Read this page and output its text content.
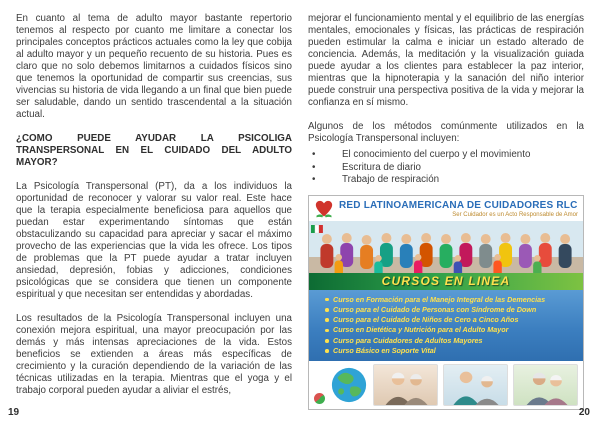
En cuanto al tema de adulto mayor bastante repertorio tenemos al respecto por cuanto me limitare a conectar los principales conceptos prácticos actuales como la ley que cobija al adulto mayor y un pequeño recuento de su historia. Pues es claro que no solo debemos limitarnos a cuidados físicos sino que tenemos la oportunidad de compartir sus creencias, sus vivencias su historia de vida llegando a un final que bien puede ser saludable, dando un sentido trascendental a la situación actual.

¿COMO PUEDE AYUDAR LA PSICOLIGA TRANSPERSONAL EN EL CUIDADO DEL ADULTO MAYOR?

La Psicología Transpersonal (PT), da a los individuos la oportunidad de reconocer y valorar su valor real. Este hace que la terapia especialmente beneficiosa para aquellos que puedan estar experimentando síntomas que están obstaculizando su capacidad para apreciar y sacar el máximo provecho de las experiencias que la vida les ofrece. Los tipos de problemas que la PT puede ayudar a tratar incluyen ansiedad, depresión, fobias y adicciones, condiciones psicológicas que se considera que tienen un componente espiritual y que necesitan ser entendidas y abordadas.

Los resultados de la Psicología Transpersonal incluyen una conexión mejora espiritual, una mayor preocupación por las demás y más intensas apreciaciones de la vida. Estos beneficios se extienden a áreas más específicas de crecimiento y la curación dependiendo de la variación de las técnicas utilizadas en la terapia. Mientras que el yoga y el trabajo corporal pueden ayudar a aliviar el estrés,

mejorar el funcionamiento mental y el equilibrio de las energías mentales, emocionales y físicas, las prácticas de respiración pueden estimular la calma e iniciar un estado alterado de conciencia. Además, la meditación y la visualización guiada puede ayudar a los clientes para establecer la paz interior, mientras que la hipnoterapia y la sanación del niño interior puede construir una perspectiva positiva de la vida y mejorar la confianza en sí mismo.

Algunos de los métodos comúnmente utilizados en la Psicología Transpersonal incluyen:

• El conocimiento del cuerpo y el movimiento
• Escritura de diario
• Trabajo de respiración
RED LATINOAMERICANA DE CUIDADORES RLC
Ser Cuidador es un Acto Responsable de Amor
CURSOS EN LINEA
Curso en Formación para el Manejo Integral de las Demencias
Curso para el Cuidado de Personas con Síndrome de Down
Curso para el Cuidado de Niños de Cero a Cinco Años
Curso en Dietética y Nutrición para el Adulto Mayor
Curso para Cuidadores de Adultos Mayores
Curso Básico en Soporte Vital
19	20
